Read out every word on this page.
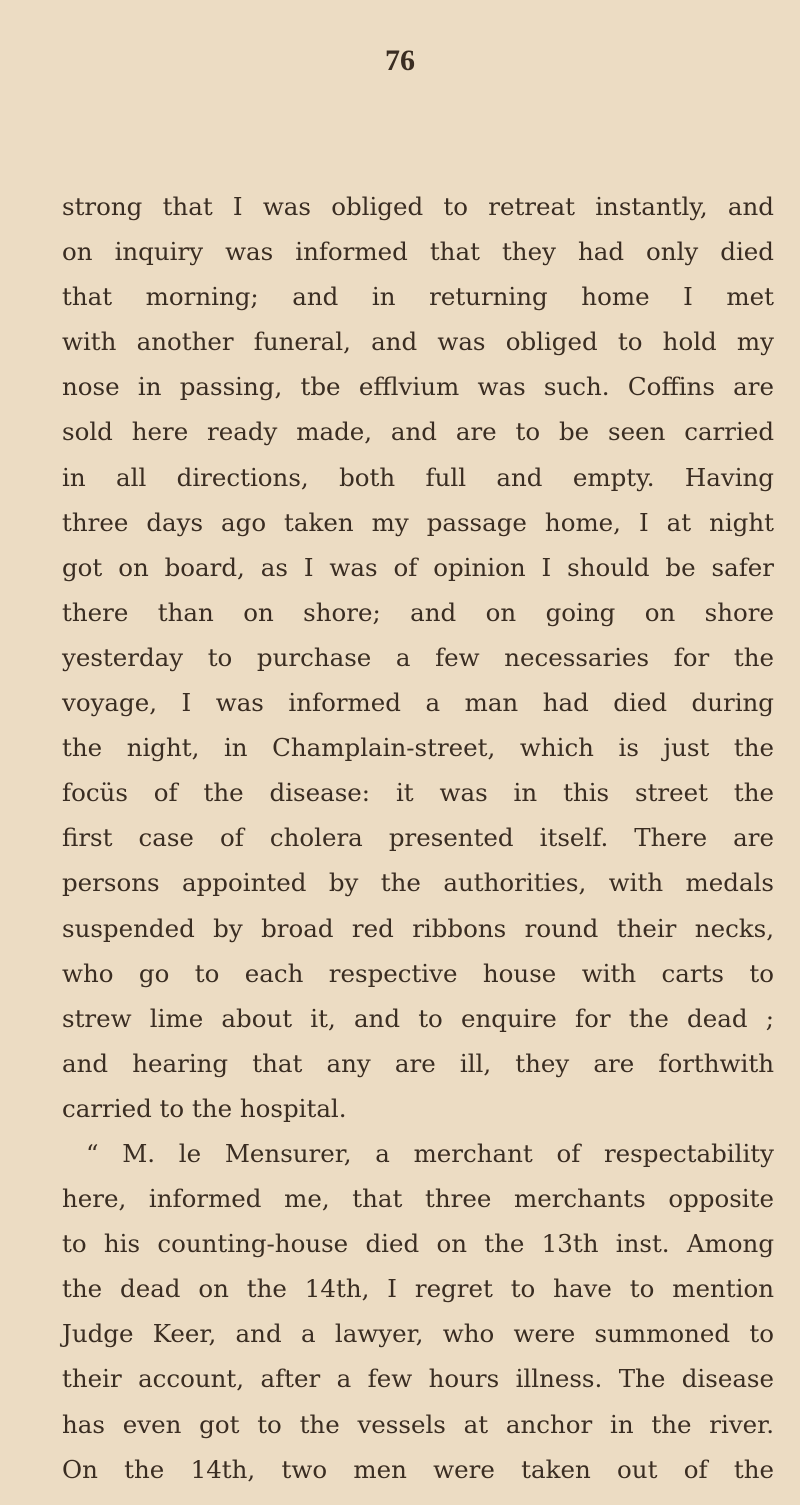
76
strong that I was obliged to retreat instantly, and
on inquiry was informed that they had only died
that morning; and in returning home I met
with another funeral, and was obliged to hold my
nose in passing, tbe efflvium was such. Coffins are
sold here ready made, and are to be seen carried
in all directions, both full and empty. Having
three days ago taken my passage home, I at night
got on board, as I was of opinion I should be safer
there than on shore; and on going on shore
yesterday to purchase a few necessaries for the
voyage, I was informed a man had died during
the night, in Champlain-street, which is just the
focüs of the disease: it was in this street the
first case of cholera presented itself. There are
persons appointed by the authorities, with medals
suspended by broad red ribbons round their necks,
who go to each respective house with carts to
strew lime about it, and to enquire for the dead ;
and hearing that any are ill, they are forthwith
carried to the hospital.
“ M. le Mensurer, a merchant of respectability
here, informed me, that three merchants opposite
to his counting-house died on the 13th inst. Among
the dead on the 14th, I regret to have to mention
Judge Keer, and a lawyer, who were summoned to
their account, after a few hours illness. The disease
has even got to the vessels at anchor in the river.
On the 14th, two men were taken out of the
